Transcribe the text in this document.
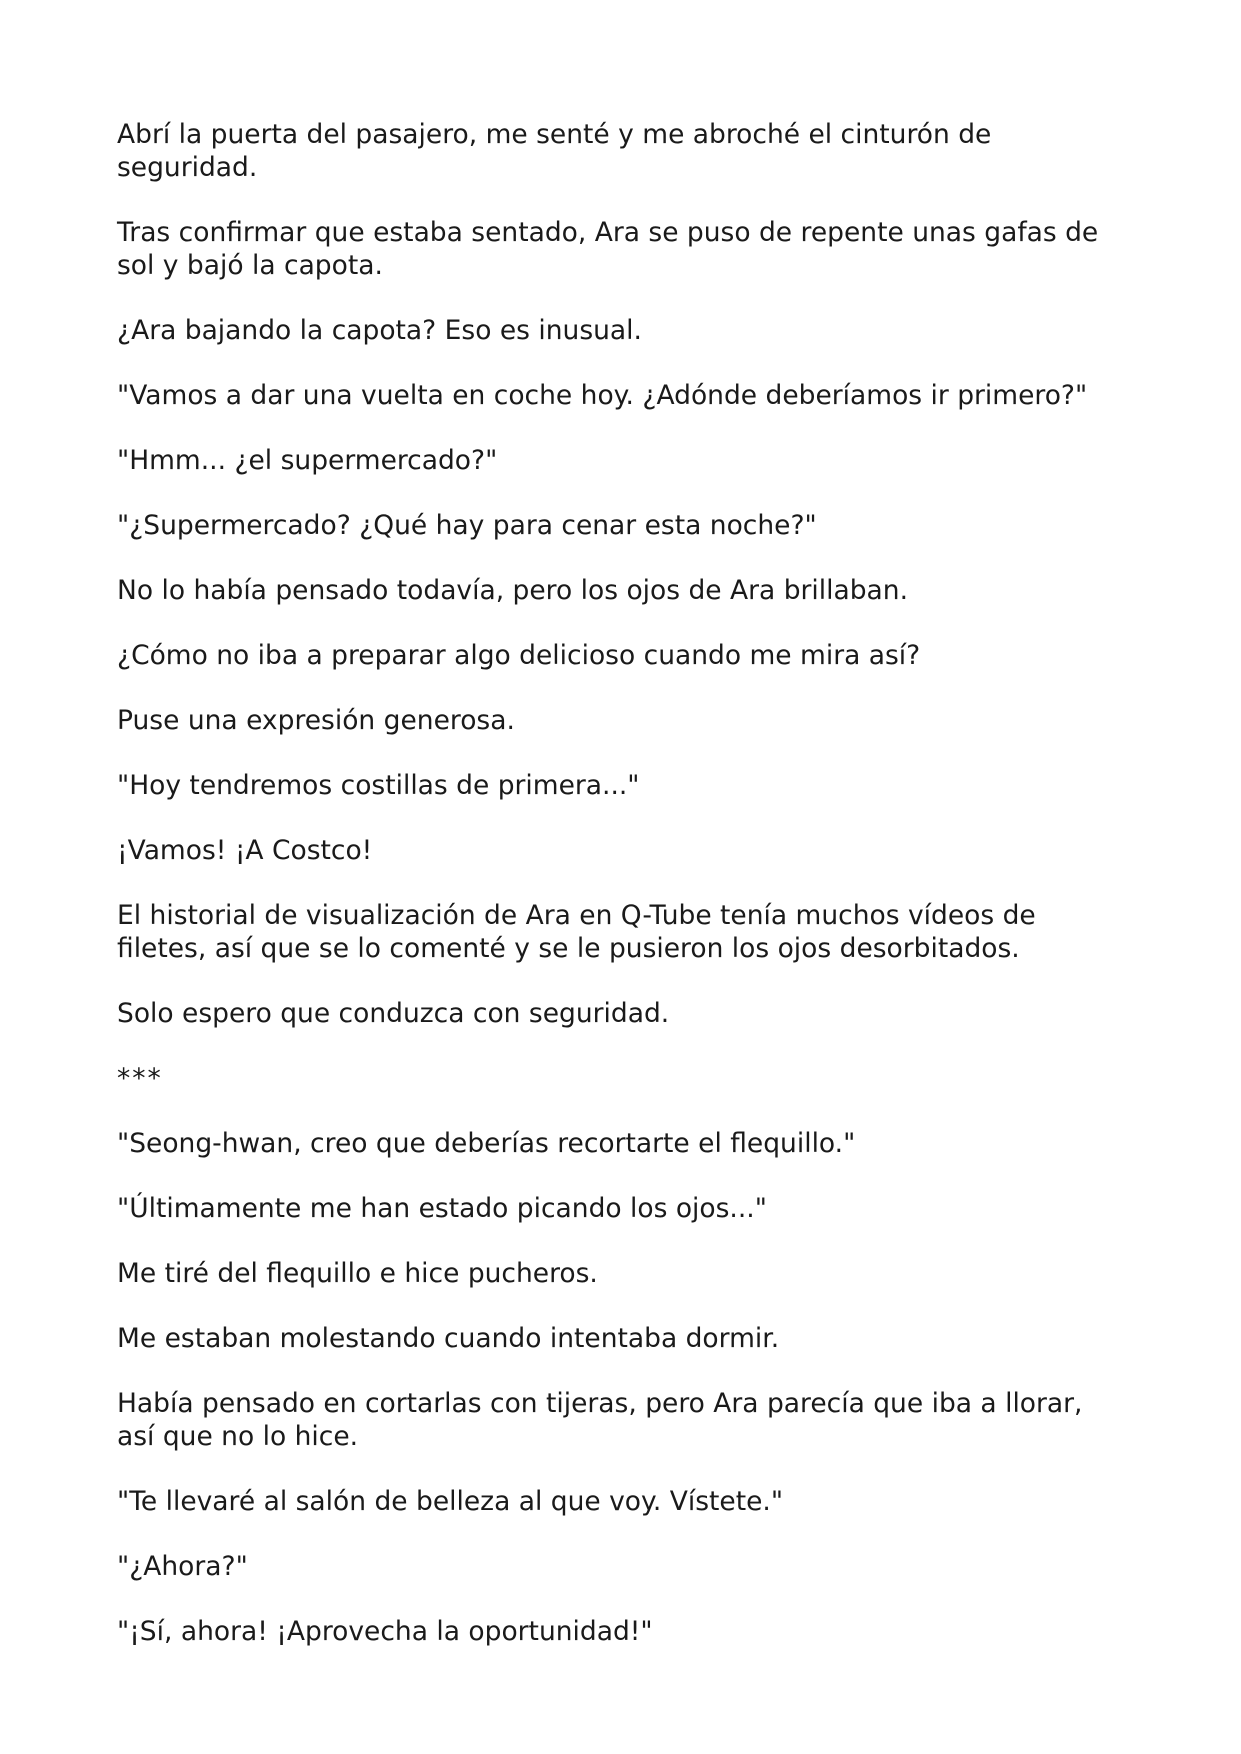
Abrí la puerta del pasajero, me senté y me abroché el cinturón de seguridad.

Tras confirmar que estaba sentado, Ara se puso de repente unas gafas de sol y bajó la capota.

¿Ara bajando la capota? Eso es inusual.

"Vamos a dar una vuelta en coche hoy. ¿Adónde deberíamos ir primero?"

"Hmm... ¿el supermercado?"

"¿Supermercado? ¿Qué hay para cenar esta noche?"

No lo había pensado todavía, pero los ojos de Ara brillaban.

¿Cómo no iba a preparar algo delicioso cuando me mira así?

Puse una expresión generosa.

"Hoy tendremos costillas de primera..."

¡Vamos! ¡A Costco!

El historial de visualización de Ara en Q-Tube tenía muchos vídeos de filetes, así que se lo comenté y se le pusieron los ojos desorbitados.

Solo espero que conduzca con seguridad.

***

"Seong-hwan, creo que deberías recortarte el flequillo."

"Últimamente me han estado picando los ojos..."

Me tiré del flequillo e hice pucheros.

Me estaban molestando cuando intentaba dormir.

Había pensado en cortarlas con tijeras, pero Ara parecía que iba a llorar, así que no lo hice.

"Te llevaré al salón de belleza al que voy. Vístete."

"¿Ahora?"

"¡Sí, ahora! ¡Aprovecha la oportunidad!"
